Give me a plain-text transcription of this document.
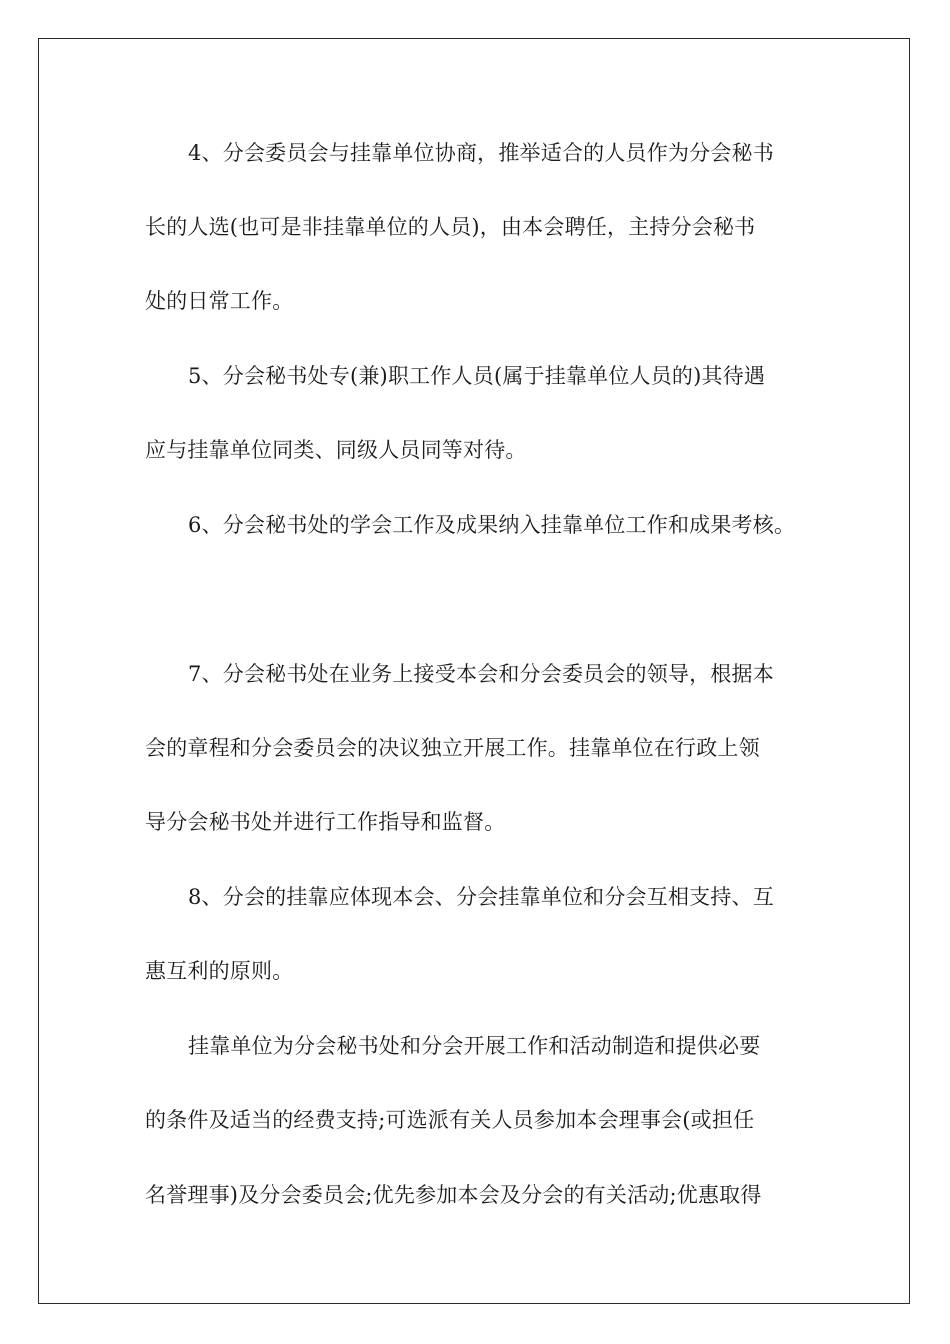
4、分会委员会与挂靠单位协商，推举适合的人员作为分会秘书
长的人选(也可是非挂靠单位的人员)，由本会聘任，主持分会秘书
处的日常工作。
5、分会秘书处专(兼)职工作人员(属于挂靠单位人员的)其待遇
应与挂靠单位同类、同级人员同等对待。
6、分会秘书处的学会工作及成果纳入挂靠单位工作和成果考核。
7、分会秘书处在业务上接受本会和分会委员会的领导，根据本
会的章程和分会委员会的决议独立开展工作。挂靠单位在行政上领
导分会秘书处并进行工作指导和监督。
8、分会的挂靠应体现本会、分会挂靠单位和分会互相支持、互
惠互利的原则。
挂靠单位为分会秘书处和分会开展工作和活动制造和提供必要
的条件及适当的经费支持;可选派有关人员参加本会理事会(或担任
名誉理事)及分会委员会;优先参加本会及分会的有关活动;优惠取得
